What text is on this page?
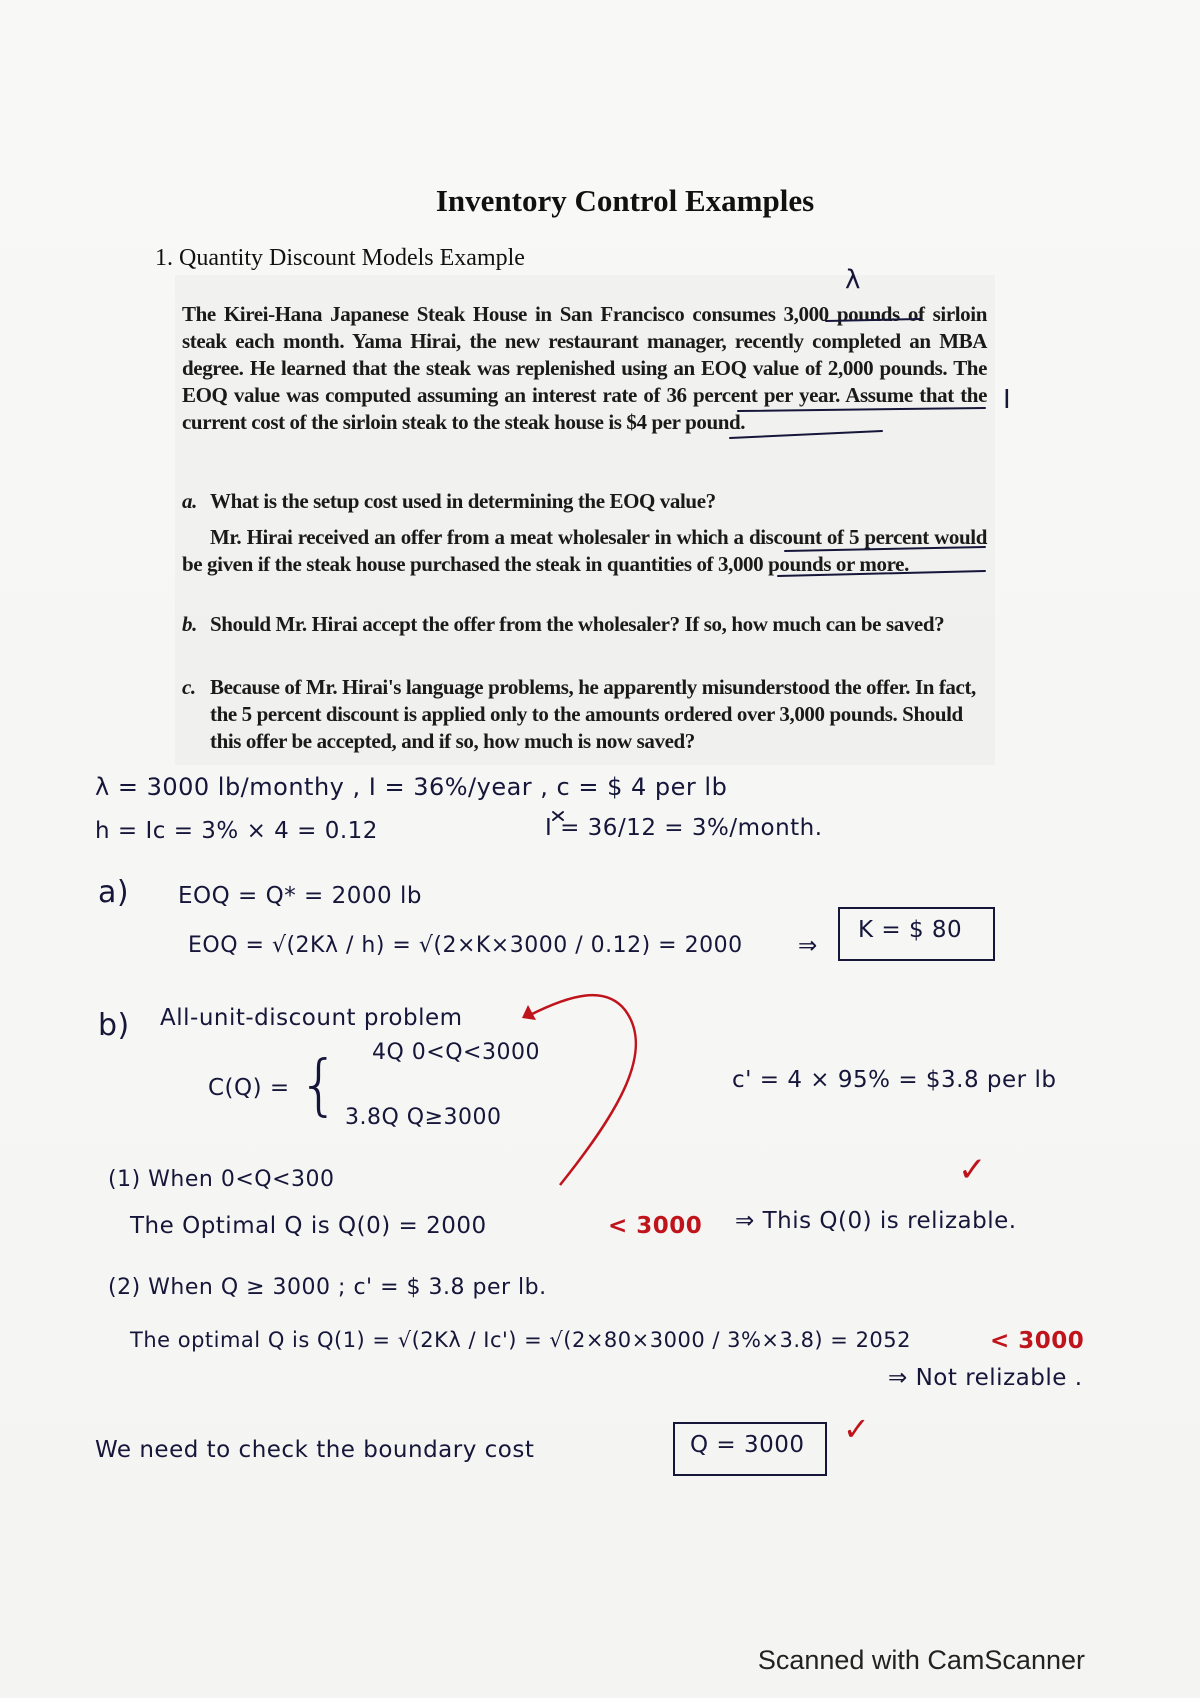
Inventory Control Examples
1. Quantity Discount Models Example
The Kirei-Hana Japanese Steak House in San Francisco consumes 3,000 pounds of sirloin steak each month. Yama Hirai, the new restaurant manager, recently completed an MBA degree. He learned that the steak was replenished using an EOQ value of 2,000 pounds. The EOQ value was computed assuming an interest rate of 36 percent per year. Assume that the current cost of the sirloin steak to the steak house is $4 per pound.
a. What is the setup cost used in determining the EOQ value?
Mr. Hirai received an offer from a meat wholesaler in which a discount of 5 percent would be given if the steak house purchased the steak in quantities of 3,000 pounds or more.
b. Should Mr. Hirai accept the offer from the wholesaler? If so, how much can be saved?
c. Because of Mr. Hirai's language problems, he apparently misunderstood the offer. In fact, the 5 percent discount is applied only to the amounts ordered over 3,000 pounds. Should this offer be accepted, and if so, how much is now saved?
λ
I
λ = 3000 lb/monthy , I = 36%/year , c = $ 4 per lb
h = Ic = 3% × 4 = 0.12	I = 36/12 = 3%/month.
a) EOQ = Q* = 2000 lb
EOQ = √(2Kλ / h) = √(2×K×3000 / 0.12) = 2000 ⇒
K = $ 80
b) All-unit-discount problem
C(Q) = { 4Q 0<Q<3000
3.8Q Q≥3000
c' = 4 × 95% = $3.8 per lb
(1) When 0<Q<300
The Optimal Q is Q(0) = 2000	< 3000 ⇒ This Q(0) is relizable.
✓
(2) When Q ≥ 3000 ; c' = $ 3.8 per lb.
The optimal Q is Q(1) = √(2Kλ / Ic') = √(2×80×3000 / 3%×3.8) = 2052	< 3000
⇒ Not relizable .
We need to check the boundary cost	Q = 3000 ✓
Scanned with CamScanner
